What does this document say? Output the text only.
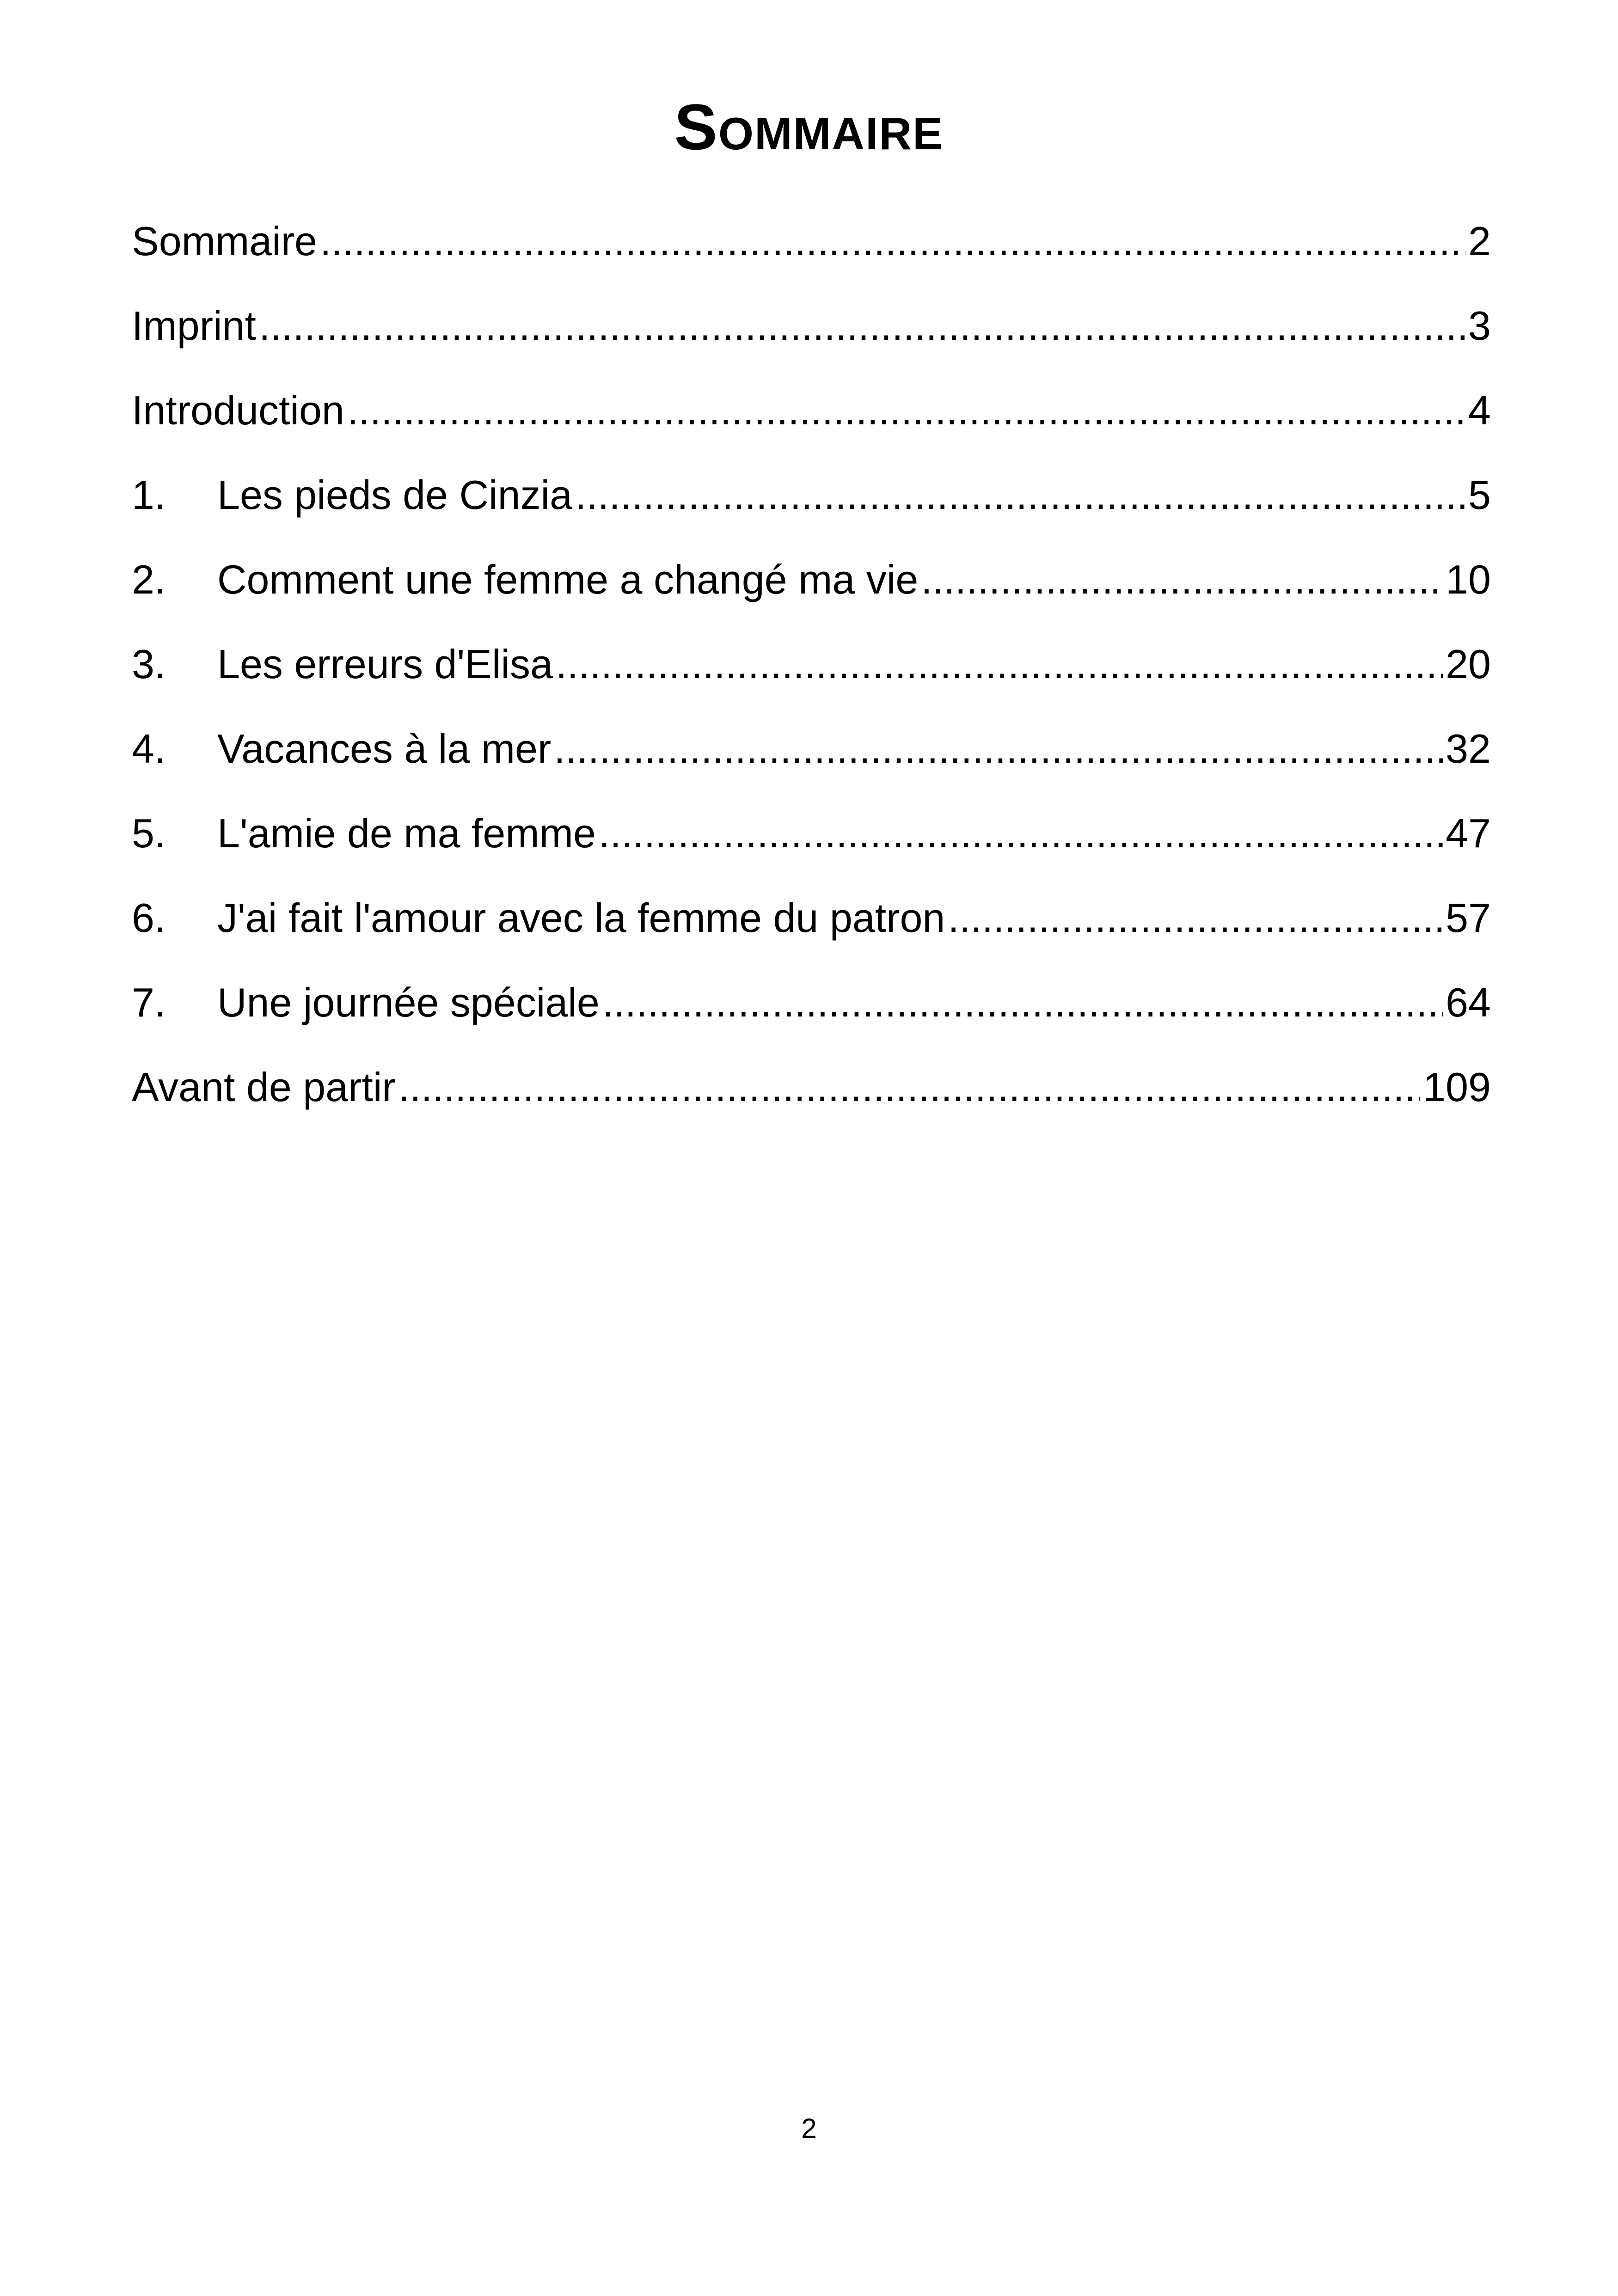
Sommaire
Sommaire .....	2
Imprint .....	3
Introduction .....	4
1.	Les pieds de Cinzia .....	5
2.	Comment une femme a changé ma vie .....	10
3.	Les erreurs d'Elisa .....	20
4.	Vacances à la mer .....	32
5.	L'amie de ma femme .....	47
6.	J'ai fait l'amour avec la femme du patron .....	57
7.	Une journée spéciale .....	64
Avant de partir .....	109
2
